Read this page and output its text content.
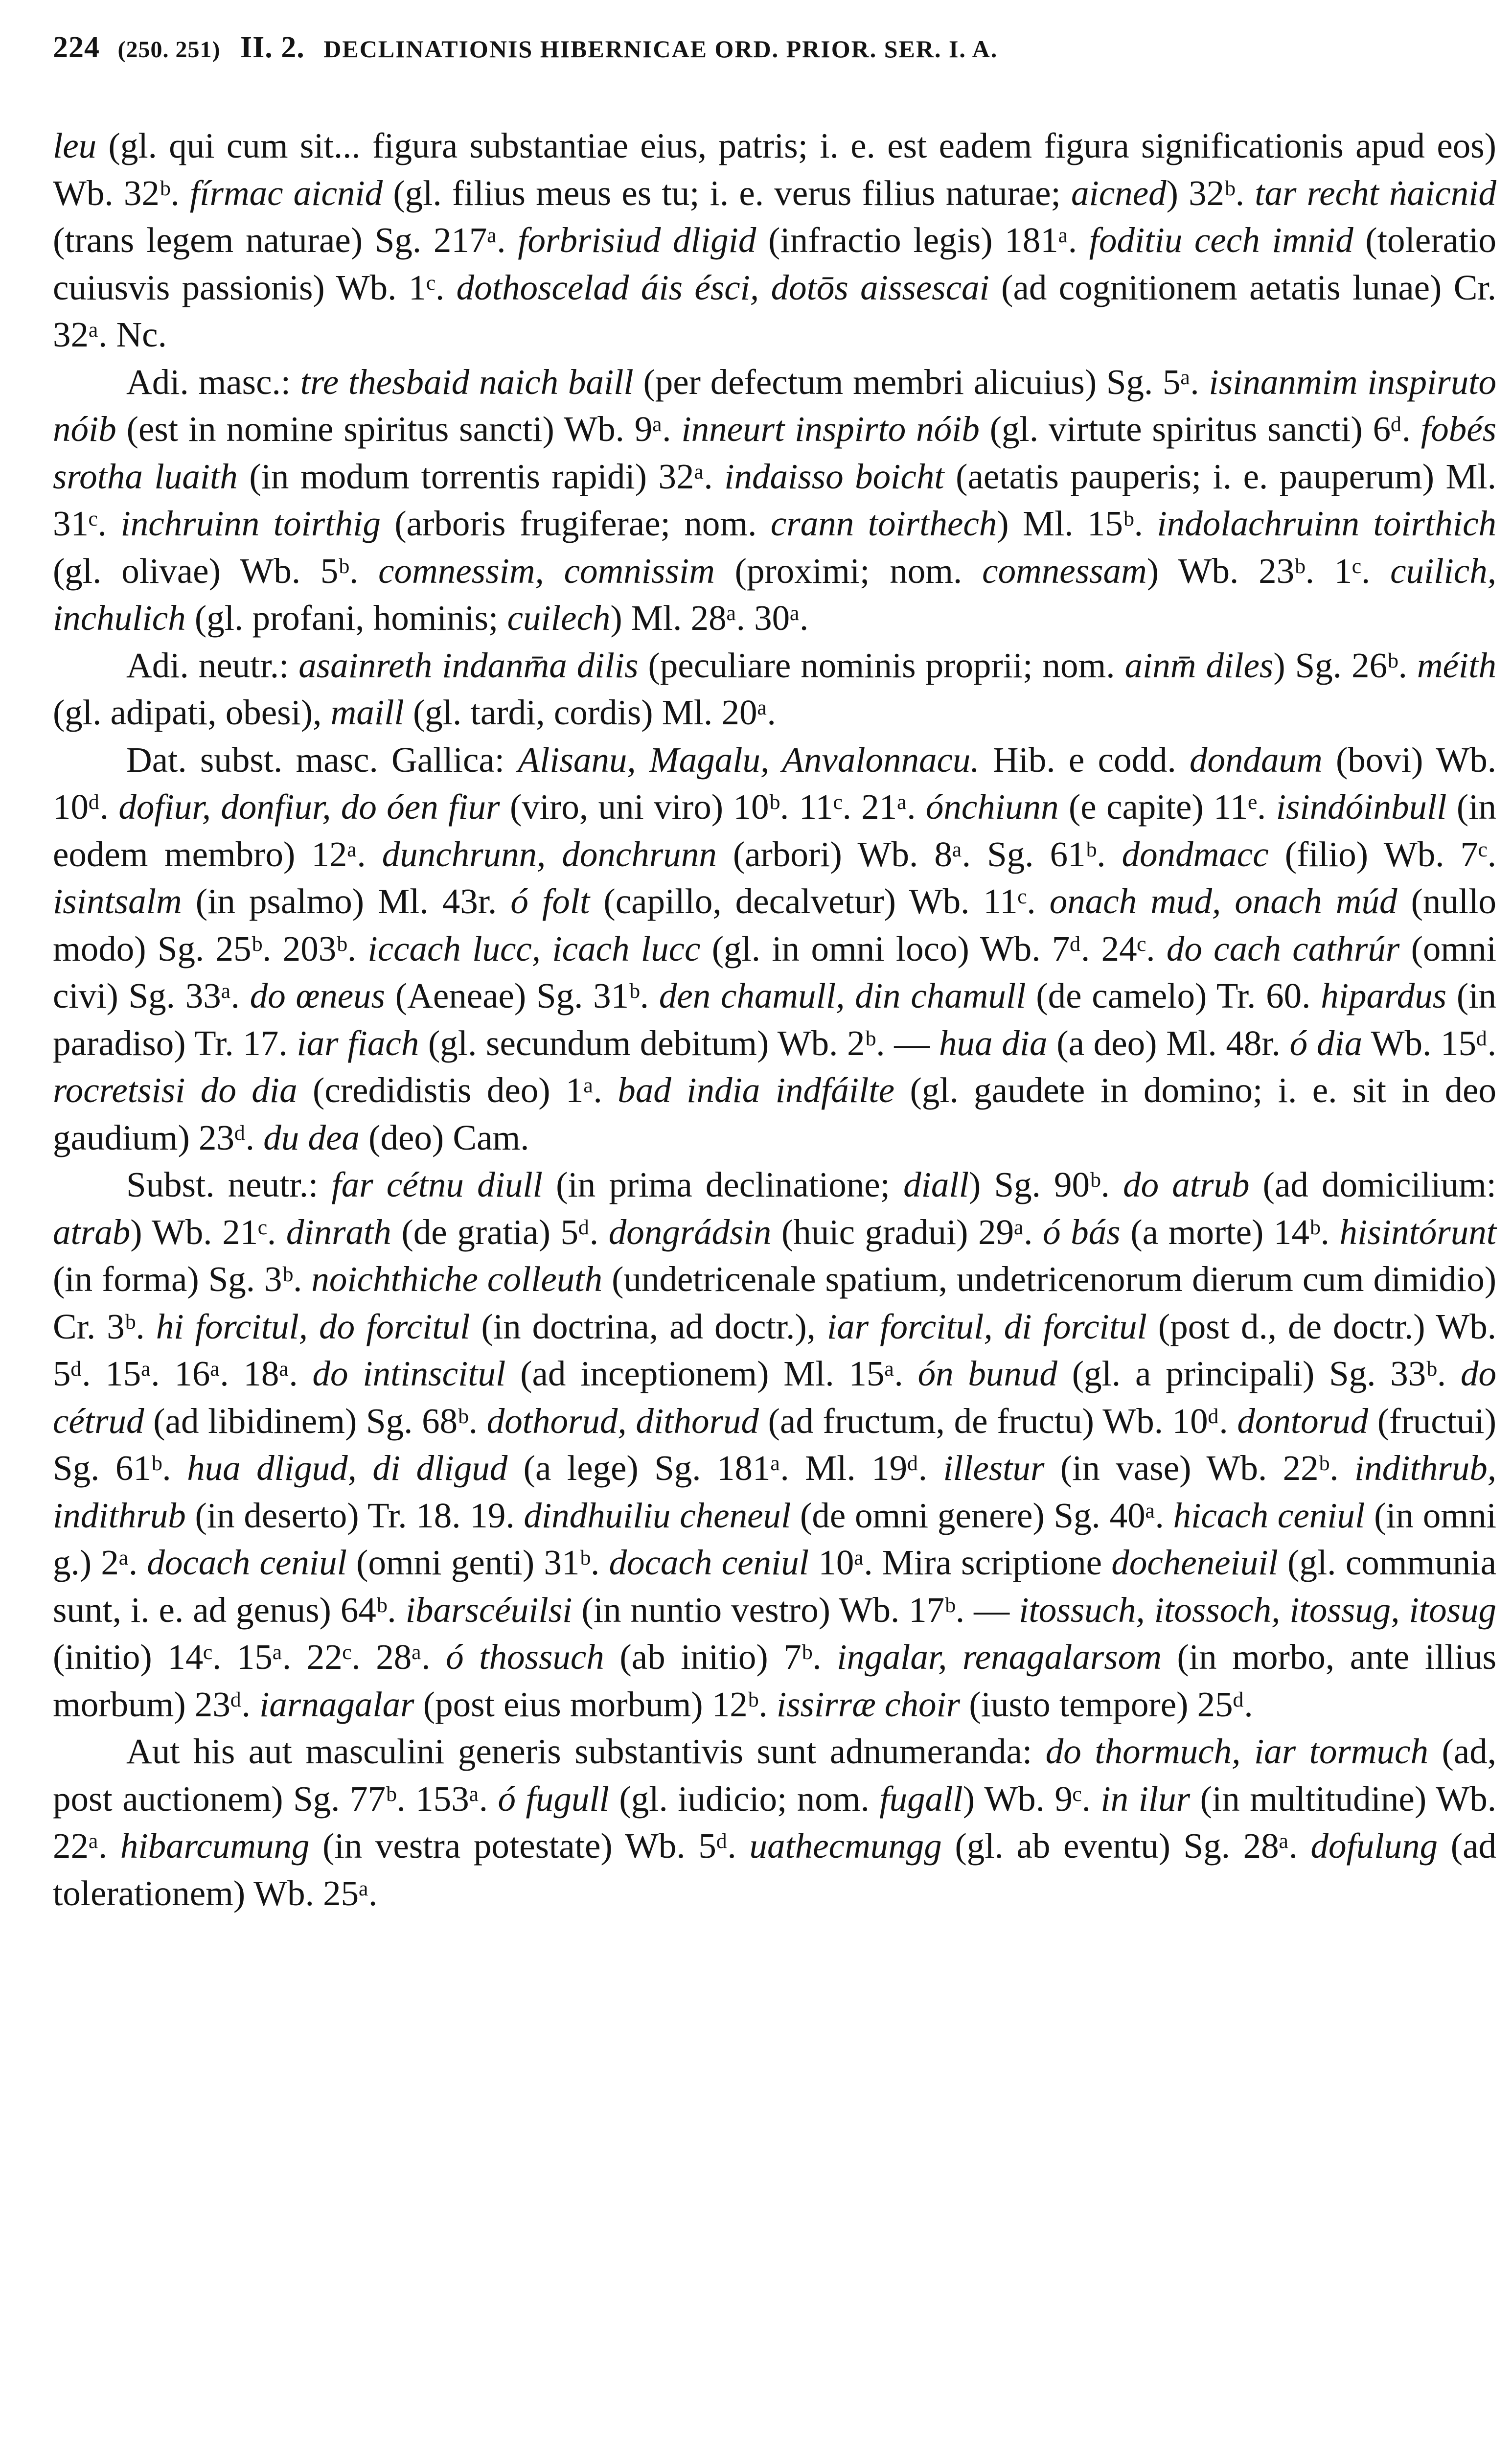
224 (250. 251) II. 2. DECLINATIONIS HIBERNICAE ORD. PRIOR. SER. I. A.

leu (gl. qui cum sit... figura substantiae eius, patris; i. e. est eadem figura significationis apud eos) Wb. 32ᵇ. fírmac aicnid (gl. filius meus es tu; i. e. verus filius naturae; aicned) 32ᵇ. tar recht ṅaicnid (trans legem naturae) Sg. 217ᵃ. forbrisiud dligid (infractio legis) 181ᵃ. foditiu cech imnid (toleratio cuiusvis passionis) Wb. 1ᶜ. dothoscelad áis ésci, dotōs aissescai (ad cognitionem aetatis lunae) Cr. 32ᵃ. Nc.

Adi. masc.: tre thesbaid naich baill (per defectum membri alicuius) Sg. 5ᵃ. isinanmim inspiruto nóib (est in nomine spiritus sancti) Wb. 9ᵃ. inneurt inspirto nóib (gl. virtute spiritus sancti) 6ᵈ. fobés srotha luaith (in modum torrentis rapidi) 32ᵃ. indaisso boicht (aetatis pauperis; i. e. pauperum) Ml. 31ᶜ. inchruinn toirthig (arboris frugiferae; nom. crann toirthech) Ml. 15ᵇ. indolachruinn toirthich (gl. olivae) Wb. 5ᵇ. comnessim, comnissim (proximi; nom. comnessam) Wb. 23ᵇ. 1ᶜ. cuilich, inchulich (gl. profani, hominis; cuilech) Ml. 28ᵃ. 30ᵃ.

Adi. neutr.: asainreth indanm̄a dilis (peculiare nominis proprii; nom. ainm̄ diles) Sg. 26ᵇ. méith (gl. adipati, obesi), maill (gl. tardi, cordis) Ml. 20ᵃ.

Dat. subst. masc. Gallica: Alisanu, Magalu, Anvalonnacu. Hib. e codd. dondaum (bovi) Wb. 10ᵈ. dofiur, donfiur, do óen fiur (viro, uni viro) 10ᵇ. 11ᶜ. 21ᵃ. ónchiunn (e capite) 11ᵉ. isindóinbull (in eodem membro) 12ᵃ. dunchrunn, donchrunn (arbori) Wb. 8ᵃ. Sg. 61ᵇ. dondmacc (filio) Wb. 7ᶜ. isintsalm (in psalmo) Ml. 43r. ó folt (capillo, decalvetur) Wb. 11ᶜ. onach mud, onach múd (nullo modo) Sg. 25ᵇ. 203ᵇ. iccach lucc, icach lucc (gl. in omni loco) Wb. 7ᵈ. 24ᶜ. do cach cathrúr (omni civi) Sg. 33ᵃ. do œneus (Aeneae) Sg. 31ᵇ. den chamull, din chamull (de camelo) Tr. 60. hipardus (in paradiso) Tr. 17. iar fiach (gl. secundum debitum) Wb. 2ᵇ. — hua dia (a deo) Ml. 48r. ó dia Wb. 15ᵈ. rocretsisi do dia (credidistis deo) 1ᵃ. bad india indfáilte (gl. gaudete in domino; i. e. sit in deo gaudium) 23ᵈ. du dea (deo) Cam.

Subst. neutr.: far cétnu diull (in prima declinatione; diall) Sg. 90ᵇ. do atrub (ad domicilium: atrab) Wb. 21ᶜ. dinrath (de gratia) 5ᵈ. dongrádsin (huic gradui) 29ᵃ. ó bás (a morte) 14ᵇ. hisintórunt (in forma) Sg. 3ᵇ. noichthiche colleuth (undetricenale spatium, undetricenorum dierum cum dimidio) Cr. 3ᵇ. hi forcitul, do forcitul (in doctrina, ad doctr.), iar forcitul, di forcitul (post d., de doctr.) Wb. 5ᵈ. 15ᵃ. 16ᵃ. 18ᵃ. do intinscitul (ad inceptionem) Ml. 15ᵃ. ón bunud (gl. a principali) Sg. 33ᵇ. do cétrud (ad libidinem) Sg. 68ᵇ. dothorud, dithorud (ad fructum, de fructu) Wb. 10ᵈ. dontorud (fructui) Sg. 61ᵇ. hua dligud, di dligud (a lege) Sg. 181ᵃ. Ml. 19ᵈ. illestur (in vase) Wb. 22ᵇ. indithrub, indithrub (in deserto) Tr. 18. 19. dindhuiliu cheneul (de omni genere) Sg. 40ᵃ. hicach ceniul (in omni g.) 2ᵃ. docach ceniul (omni genti) 31ᵇ. docach ceniul 10ᵃ. Mira scriptione docheneiuil (gl. communia sunt, i. e. ad genus) 64ᵇ. ibarscéuilsi (in nuntio vestro) Wb. 17ᵇ. — itossuch, itossoch, itossug, itosug (initio) 14ᶜ. 15ᵃ. 22ᶜ. 28ᵃ. ó thossuch (ab initio) 7ᵇ. ingalar, renagalarsom (in morbo, ante illius morbum) 23ᵈ. iarnagalar (post eius morbum) 12ᵇ. issirræ choir (iusto tempore) 25ᵈ.

Aut his aut masculini generis substantivis sunt adnumeranda: do thormuch, iar tormuch (ad, post auctionem) Sg. 77ᵇ. 153ᵃ. ó fugull (gl. iudicio; nom. fugall) Wb. 9ᶜ. in ilur (in multitudine) Wb. 22ᵃ. hibarcumung (in vestra potestate) Wb. 5ᵈ. uathecmungg (gl. ab eventu) Sg. 28ᵃ. dofulung (ad tolerationem) Wb. 25ᵃ.
